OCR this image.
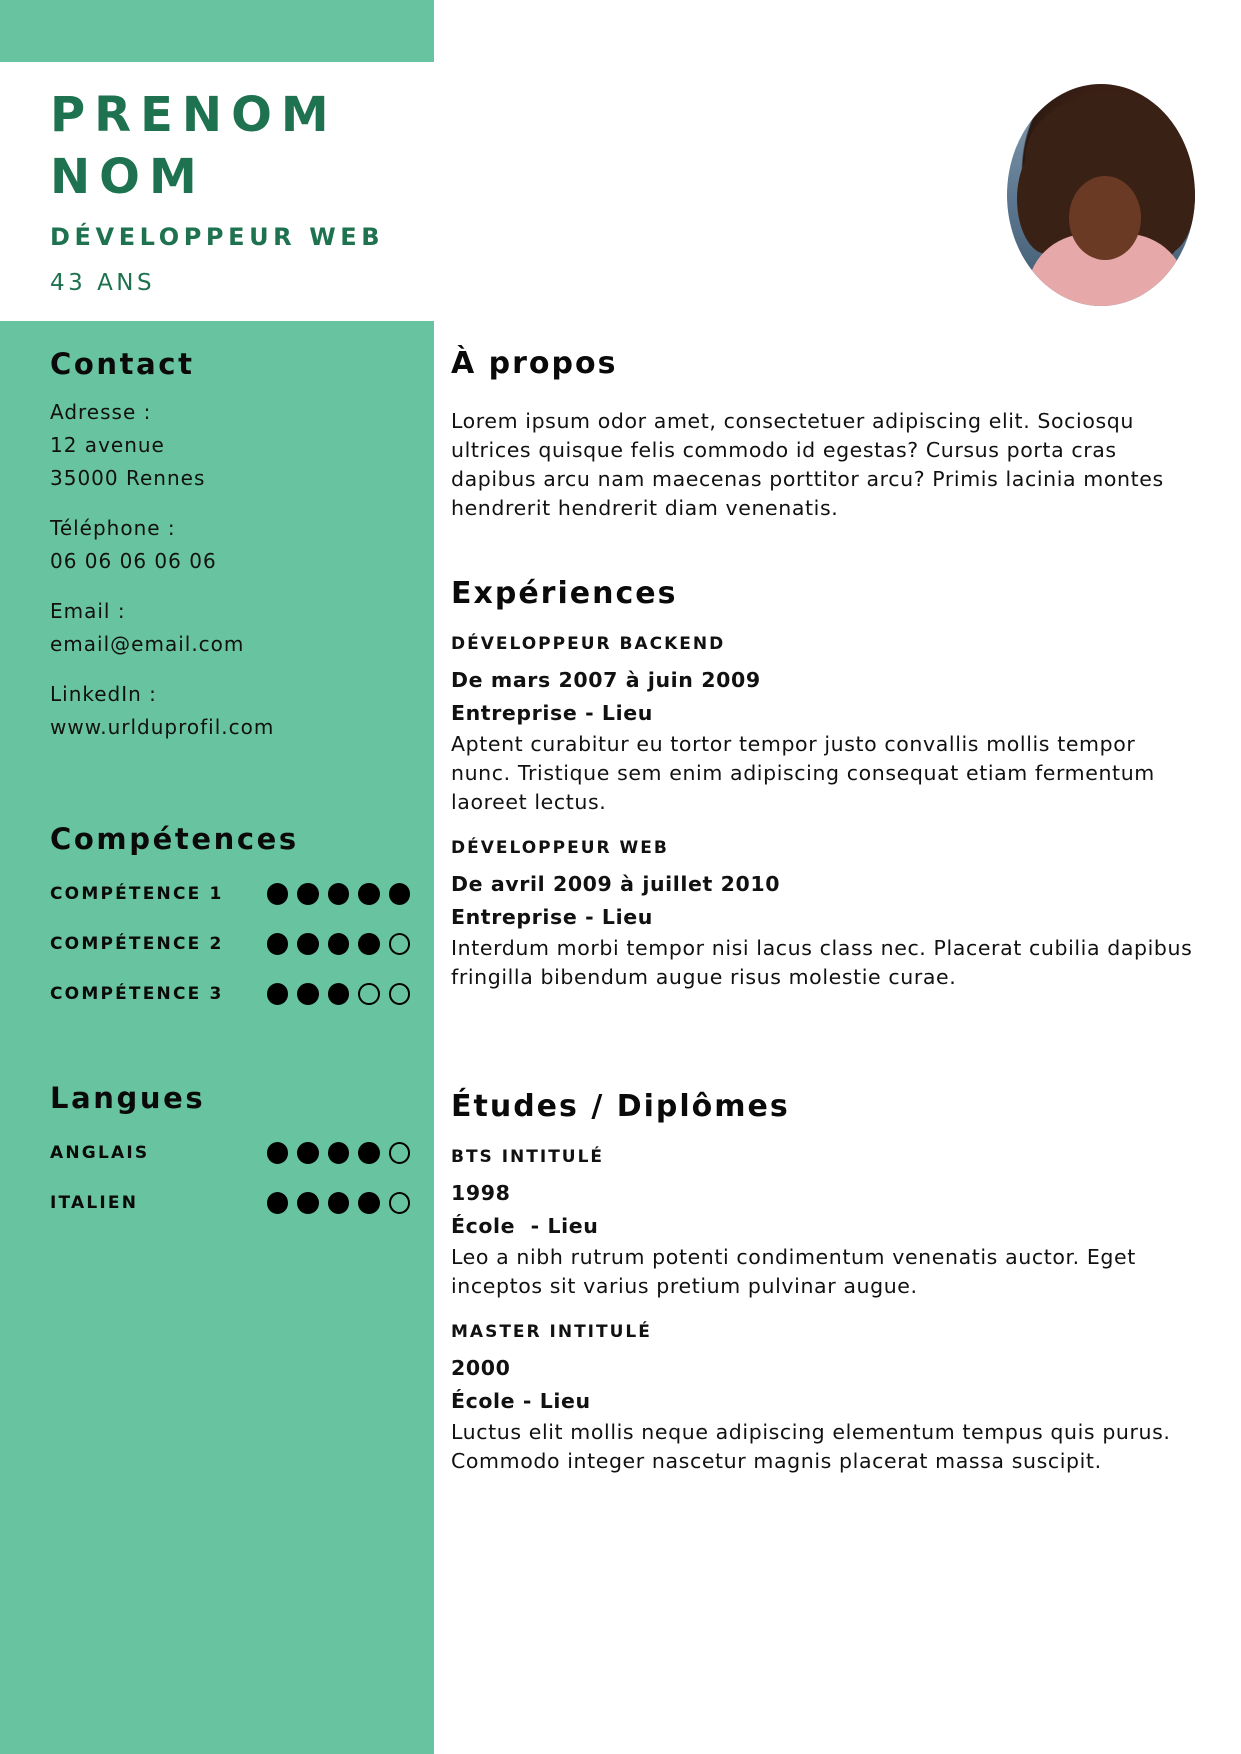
PRENOM
NOM
DÉVELOPPEUR WEB
43 ANS
Contact

Adresse :

12 avenue

35000 Rennes

Téléphone :

06 06 06 06 06

Email :

email@email.com

LinkedIn :

www.urlduprofil.com

Compétences
COMPÉTENCE 1
COMPÉTENCE 2
COMPÉTENCE 3
Langues
ANGLAIS
ITALIEN
À propos

Lorem ipsum odor amet, consectetuer adipiscing elit. Sociosqu ultrices quisque felis commodo id egestas? Cursus porta cras dapibus arcu nam maecenas porttitor arcu? Primis lacinia montes hendrerit hendrerit diam venenatis.

Expériences
DÉVELOPPEUR BACKEND
De mars 2007 à juin 2009
Entreprise - Lieu

Aptent curabitur eu tortor tempor justo convallis mollis tempor nunc. Tristique sem enim adipiscing consequat etiam fermentum laoreet lectus.

DÉVELOPPEUR WEB
De avril 2009 à juillet 2010
Entreprise - Lieu

Interdum morbi tempor nisi lacus class nec. Placerat cubilia dapibus fringilla bibendum augue risus molestie curae.

Études / Diplômes
BTS INTITULÉ
1998
École  - Lieu

Leo a nibh rutrum potenti condimentum venenatis auctor. Eget inceptos sit varius pretium pulvinar augue.

MASTER INTITULÉ
2000
École - Lieu

Luctus elit mollis neque adipiscing elementum tempus quis purus. Commodo integer nascetur magnis placerat massa suscipit.
